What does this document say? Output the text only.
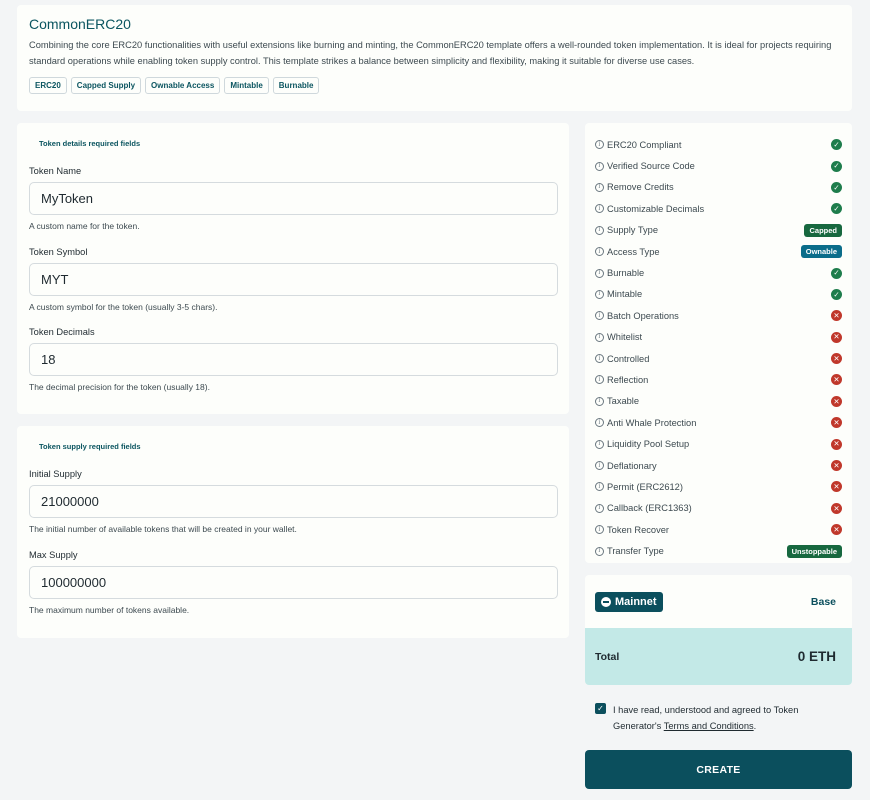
CommonERC20
Combining the core ERC20 functionalities with useful extensions like burning and minting, the CommonERC20 template offers a well-rounded token implementation. It is ideal for projects requiring standard operations while enabling token supply control. This template strikes a balance between simplicity and flexibility, making it suitable for diverse use cases.
ERC20	Capped Supply	Ownable Access	Mintable	Burnable
Token details required fields
Token Name
MyToken
A custom name for the token.
Token Symbol
MYT
A custom symbol for the token (usually 3-5 chars).
Token Decimals
18
The decimal precision for the token (usually 18).
Token supply required fields
Initial Supply
21000000
The initial number of available tokens that will be created in your wallet.
Max Supply
100000000
The maximum number of tokens available.
i ERC20 Compliant	✓
i Verified Source Code	✓
i Remove Credits	✓
i Customizable Decimals	✓
i Supply Type	Capped
i Access Type	Ownable
i Burnable	✓
i Mintable	✓
i Batch Operations	✕
i Whitelist	✕
i Controlled	✕
i Reflection	✕
i Taxable	✕
i Anti Whale Protection	✕
i Liquidity Pool Setup	✕
i Deflationary	✕
i Permit (ERC2612)	✕
i Callback (ERC1363)	✕
i Token Recover	✕
i Transfer Type	Unstoppable
Mainnet	Base
Total	0 ETH
✓ I have read, understood and agreed to Token Generator's Terms and Conditions.
CREATE
